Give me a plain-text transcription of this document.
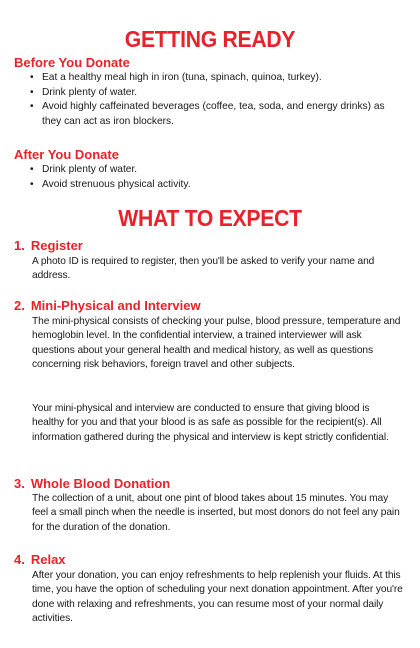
GETTING READY
Before You Donate
• Eat a healthy meal high in iron (tuna, spinach, quinoa, turkey).
• Drink plenty of water.
• Avoid highly caffeinated beverages (coffee, tea, soda, and energy drinks) as they can act as iron blockers.
After You Donate
• Drink plenty of water.
• Avoid strenuous physical activity.
WHAT TO EXPECT
1. Register

A photo ID is required to register, then you'll be asked to verify your name and address.

2. Mini-Physical and Interview

The mini-physical consists of checking your pulse, blood pressure, temperature and hemoglobin level. In the confidential interview, a trained interviewer will ask questions about your general health and medical history, as well as questions concerning risk behaviors, foreign travel and other subjects.

Your mini-physical and interview are conducted to ensure that giving blood is healthy for you and that your blood is as safe as possible for the recipient(s). All information gathered during the physical and interview is kept strictly confidential.

3. Whole Blood Donation

The collection of a unit, about one pint of blood takes about 15 minutes. You may feel a small pinch when the needle is inserted, but most donors do not feel any pain for the duration of the donation.

4. Relax

After your donation, you can enjoy refreshments to help replenish your fluids. At this time, you have the option of scheduling your next donation appointment. After you're done with relaxing and refreshments, you can resume most of your normal daily activities.
